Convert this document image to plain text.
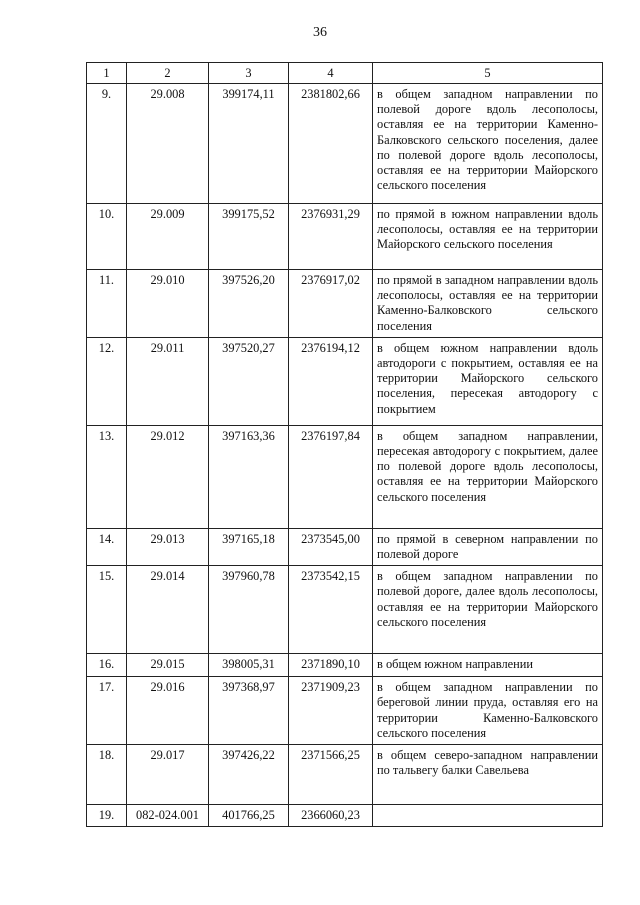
36
1	2	3	4	5
9.	29.008	399174,11	2381802,66	в общем западном направлении по полевой дороге вдоль лесополосы, оставляя ее на территории Каменно-Балковского сельского поселения, далее по полевой дороге вдоль лесополосы, оставляя ее на территории Майорского сельского поселения
10.	29.009	399175,52	2376931,29	по прямой в южном направлении вдоль лесополосы, оставляя ее на территории Майорского сельского поселения
11.	29.010	397526,20	2376917,02	по прямой в западном направлении вдоль лесополосы, оставляя ее на территории Каменно-Балковского сельского поселения
12.	29.011	397520,27	2376194,12	в общем южном направлении вдоль автодороги с покрытием, оставляя ее на территории Майорского сельского поселения, пересекая автодорогу с покрытием
13.	29.012	397163,36	2376197,84	в общем западном направлении, пересекая автодорогу с покрытием, далее по полевой дороге вдоль лесополосы, оставляя ее на территории Майорского сельского поселения
14.	29.013	397165,18	2373545,00	по прямой в северном направлении по полевой дороге
15.	29.014	397960,78	2373542,15	в общем западном направлении по полевой дороге, далее вдоль лесополосы, оставляя ее на территории Майорского сельского поселения
16.	29.015	398005,31	2371890,10	в общем южном направлении
17.	29.016	397368,97	2371909,23	в общем западном направлении по береговой линии пруда, оставляя его на территории Каменно-Балковского сельского поселения
18.	29.017	397426,22	2371566,25	в общем северо-западном направлении по тальвегу балки Савельева
19.	082-024.001	401766,25	2366060,23	
